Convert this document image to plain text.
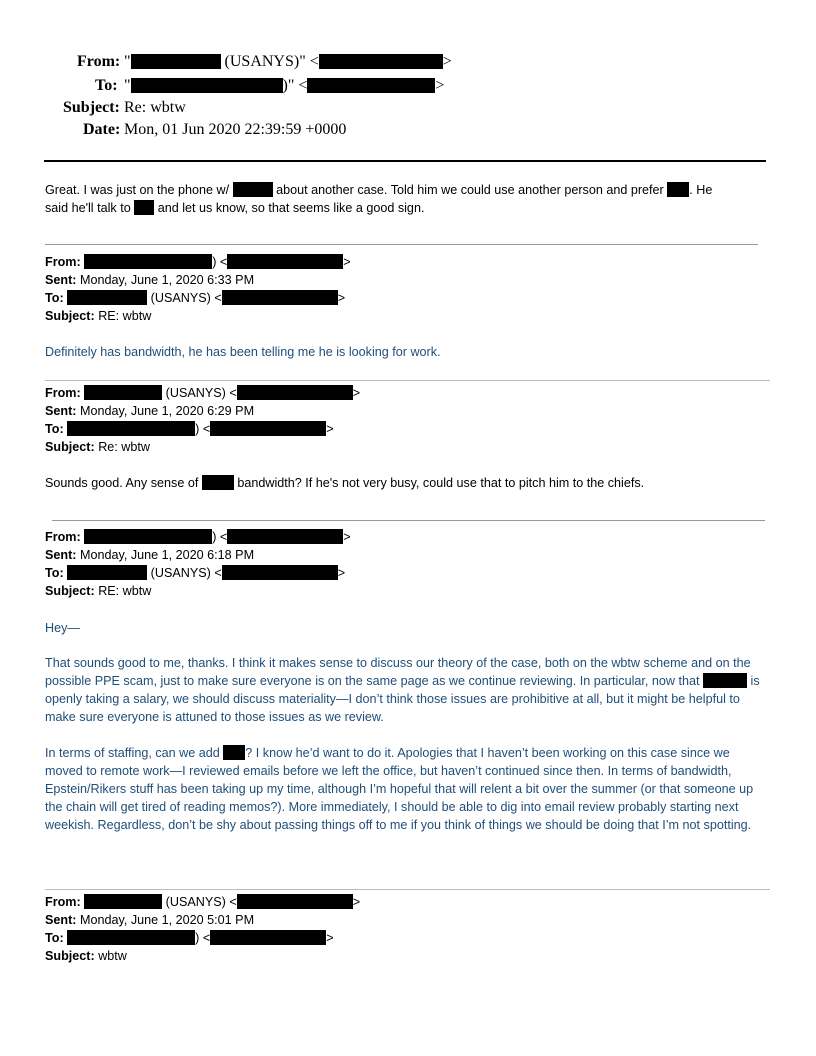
From: "	(USANYS)" <	>
To: "	)" <	>
Subject: Re: wbtw
Date: Mon, 01 Jun 2020 22:39:59 +0000
Great. I was just on the phone w/	about another case. Told him we could use another person and prefer . He
said he'll talk to  and let us know, so that seems like a good sign.
From:	) <	>
Sent: Monday, June 1, 2020 6:33 PM
To:	(USANYS) <	>
Subject: RE: wbtw
Definitely has bandwidth, he has been telling me he is looking for work.
From:	(USANYS) <	>
Sent: Monday, June 1, 2020 6:29 PM
To:	) <	>
Subject: Re: wbtw
Sounds good. Any sense of	bandwidth? If he's not very busy, could use that to pitch him to the chiefs.
From:	) <	>
Sent: Monday, June 1, 2020 6:18 PM
To:	(USANYS) <	>
Subject: RE: wbtw
Hey—
That sounds good to me, thanks. I think it makes sense to discuss our theory of the case, both on the wbtw scheme and on the possible PPE scam, just to make sure everyone is on the same page as we continue reviewing. In particular, now that	is openly taking a salary, we should discuss materiality—I don’t think those issues are prohibitive at all, but it might be helpful to make sure everyone is attuned to those issues as we review.
In terms of staffing, can we add ? I know he’d want to do it. Apologies that I haven’t been working on this case since we moved to remote work—I reviewed emails before we left the office, but haven’t continued since then. In terms of bandwidth, Epstein/Rikers stuff has been taking up my time, although I’m hopeful that will relent a bit over the summer (or that someone up the chain will get tired of reading memos?). More immediately, I should be able to dig into email review probably starting next weekish. Regardless, don’t be shy about passing things off to me if you think of things we should be doing that I’m not spotting.
From:	(USANYS) <	>
Sent: Monday, June 1, 2020 5:01 PM
To:	) <	>
Subject: wbtw
